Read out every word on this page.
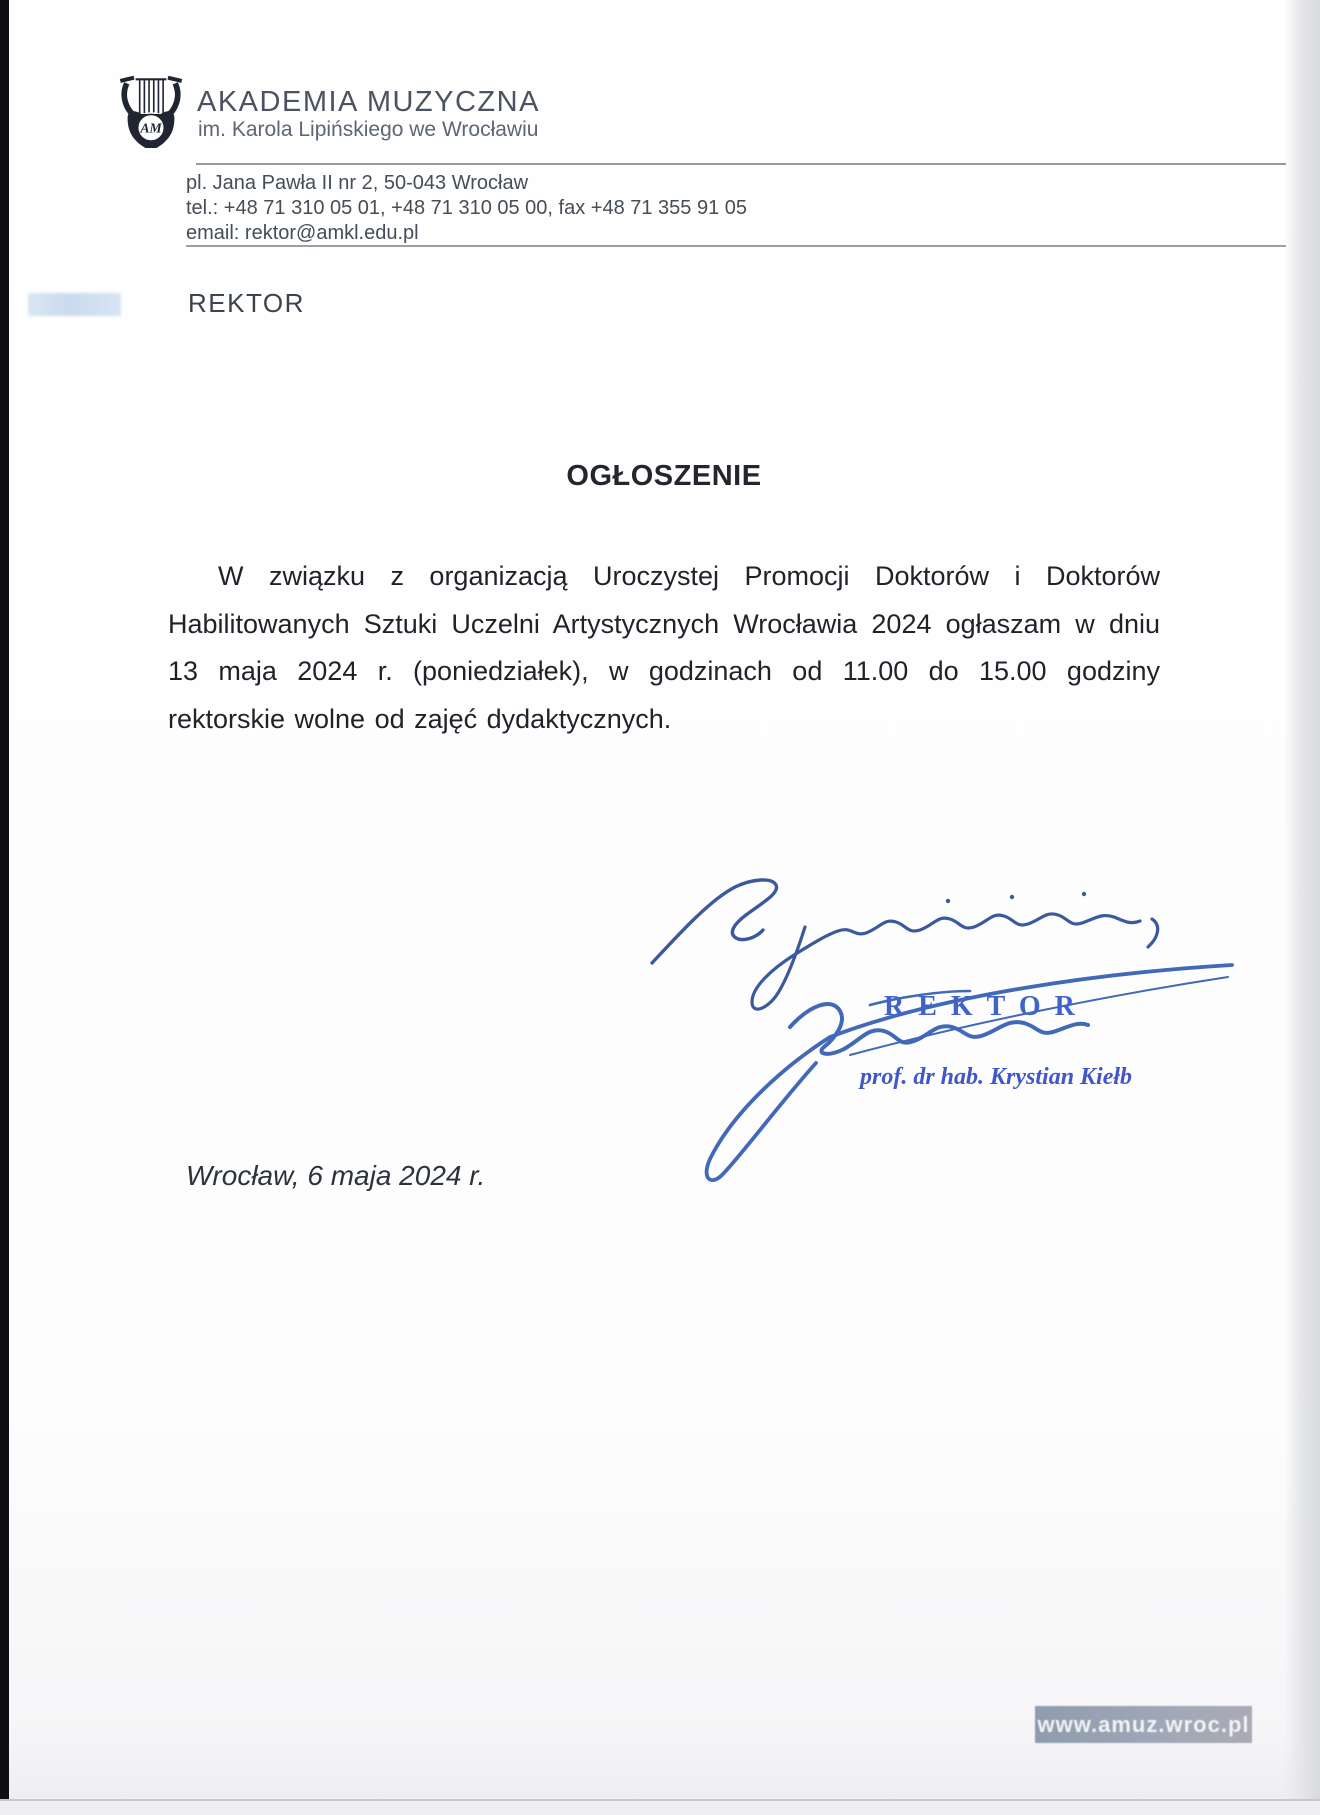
AM
AKADEMIA MUZYCZNA
im. Karola Lipińskiego we Wrocławiu
pl. Jana Pawła II nr 2, 50-043 Wrocław
tel.: +48 71 310 05 01, +48 71 310 05 00, fax +48 71 355 91 05
email: rektor@amkl.edu.pl
REKTOR
OGŁOSZENIE

W związku z organizacją Uroczystej Promocji Doktorów i Doktorów Habilitowanych Sztuki Uczelni Artystycznych Wrocławia 2024 ogłaszam w dniu 13 maja 2024 r. (poniedziałek), w godzinach od 11.00 do 15.00 godziny rektorskie wolne od zajęć dydaktycznych.

REKTOR
prof. dr hab. Krystian Kiełb
Wrocław, 6 maja 2024 r.
www.amuz.wroc.pl
